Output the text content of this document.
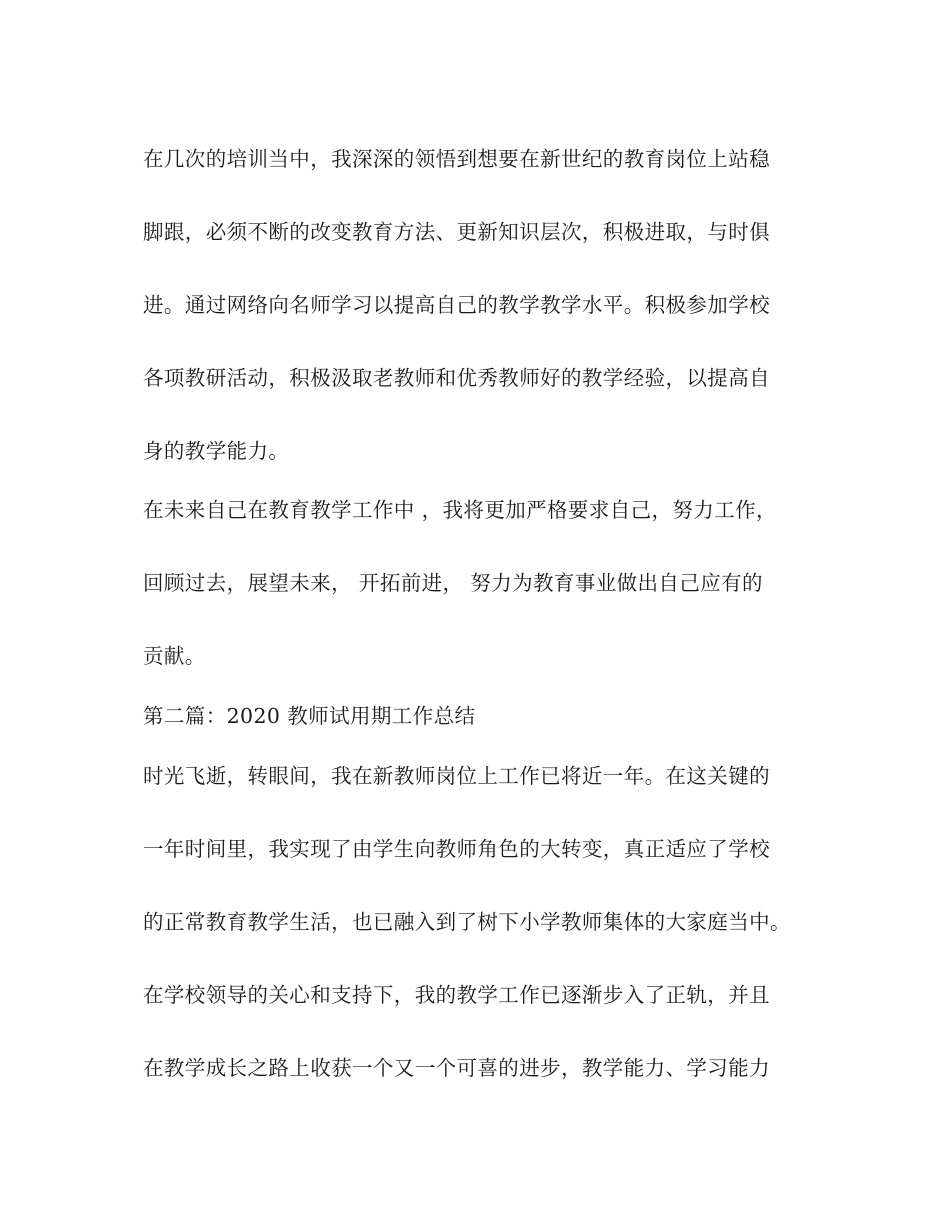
在几次的培训当中，我深深的领悟到想要在新世纪的教育岗位上站稳
脚跟，必须不断的改变教育方法、更新知识层次，积极进取，与时俱
进。通过网络向名师学习以提高自己的教学教学水平。积极参加学校
各项教研活动，积极汲取老教师和优秀教师好的教学经验，以提高自
身的教学能力。
在未来自己在教育教学工作中 ，我将更加严格要求自己，努力工作，
回顾过去，展望未来， 开拓前进， 努力为教育事业做出自己应有的
贡献。
第二篇：2020 教师试用期工作总结
时光飞逝，转眼间，我在新教师岗位上工作已将近一年。在这关键的
一年时间里，我实现了由学生向教师角色的大转变，真正适应了学校
的正常教育教学生活，也已融入到了树下小学教师集体的大家庭当中。
在学校领导的关心和支持下，我的教学工作已逐渐步入了正轨，并且
在教学成长之路上收获一个又一个可喜的进步，教学能力、学习能力
